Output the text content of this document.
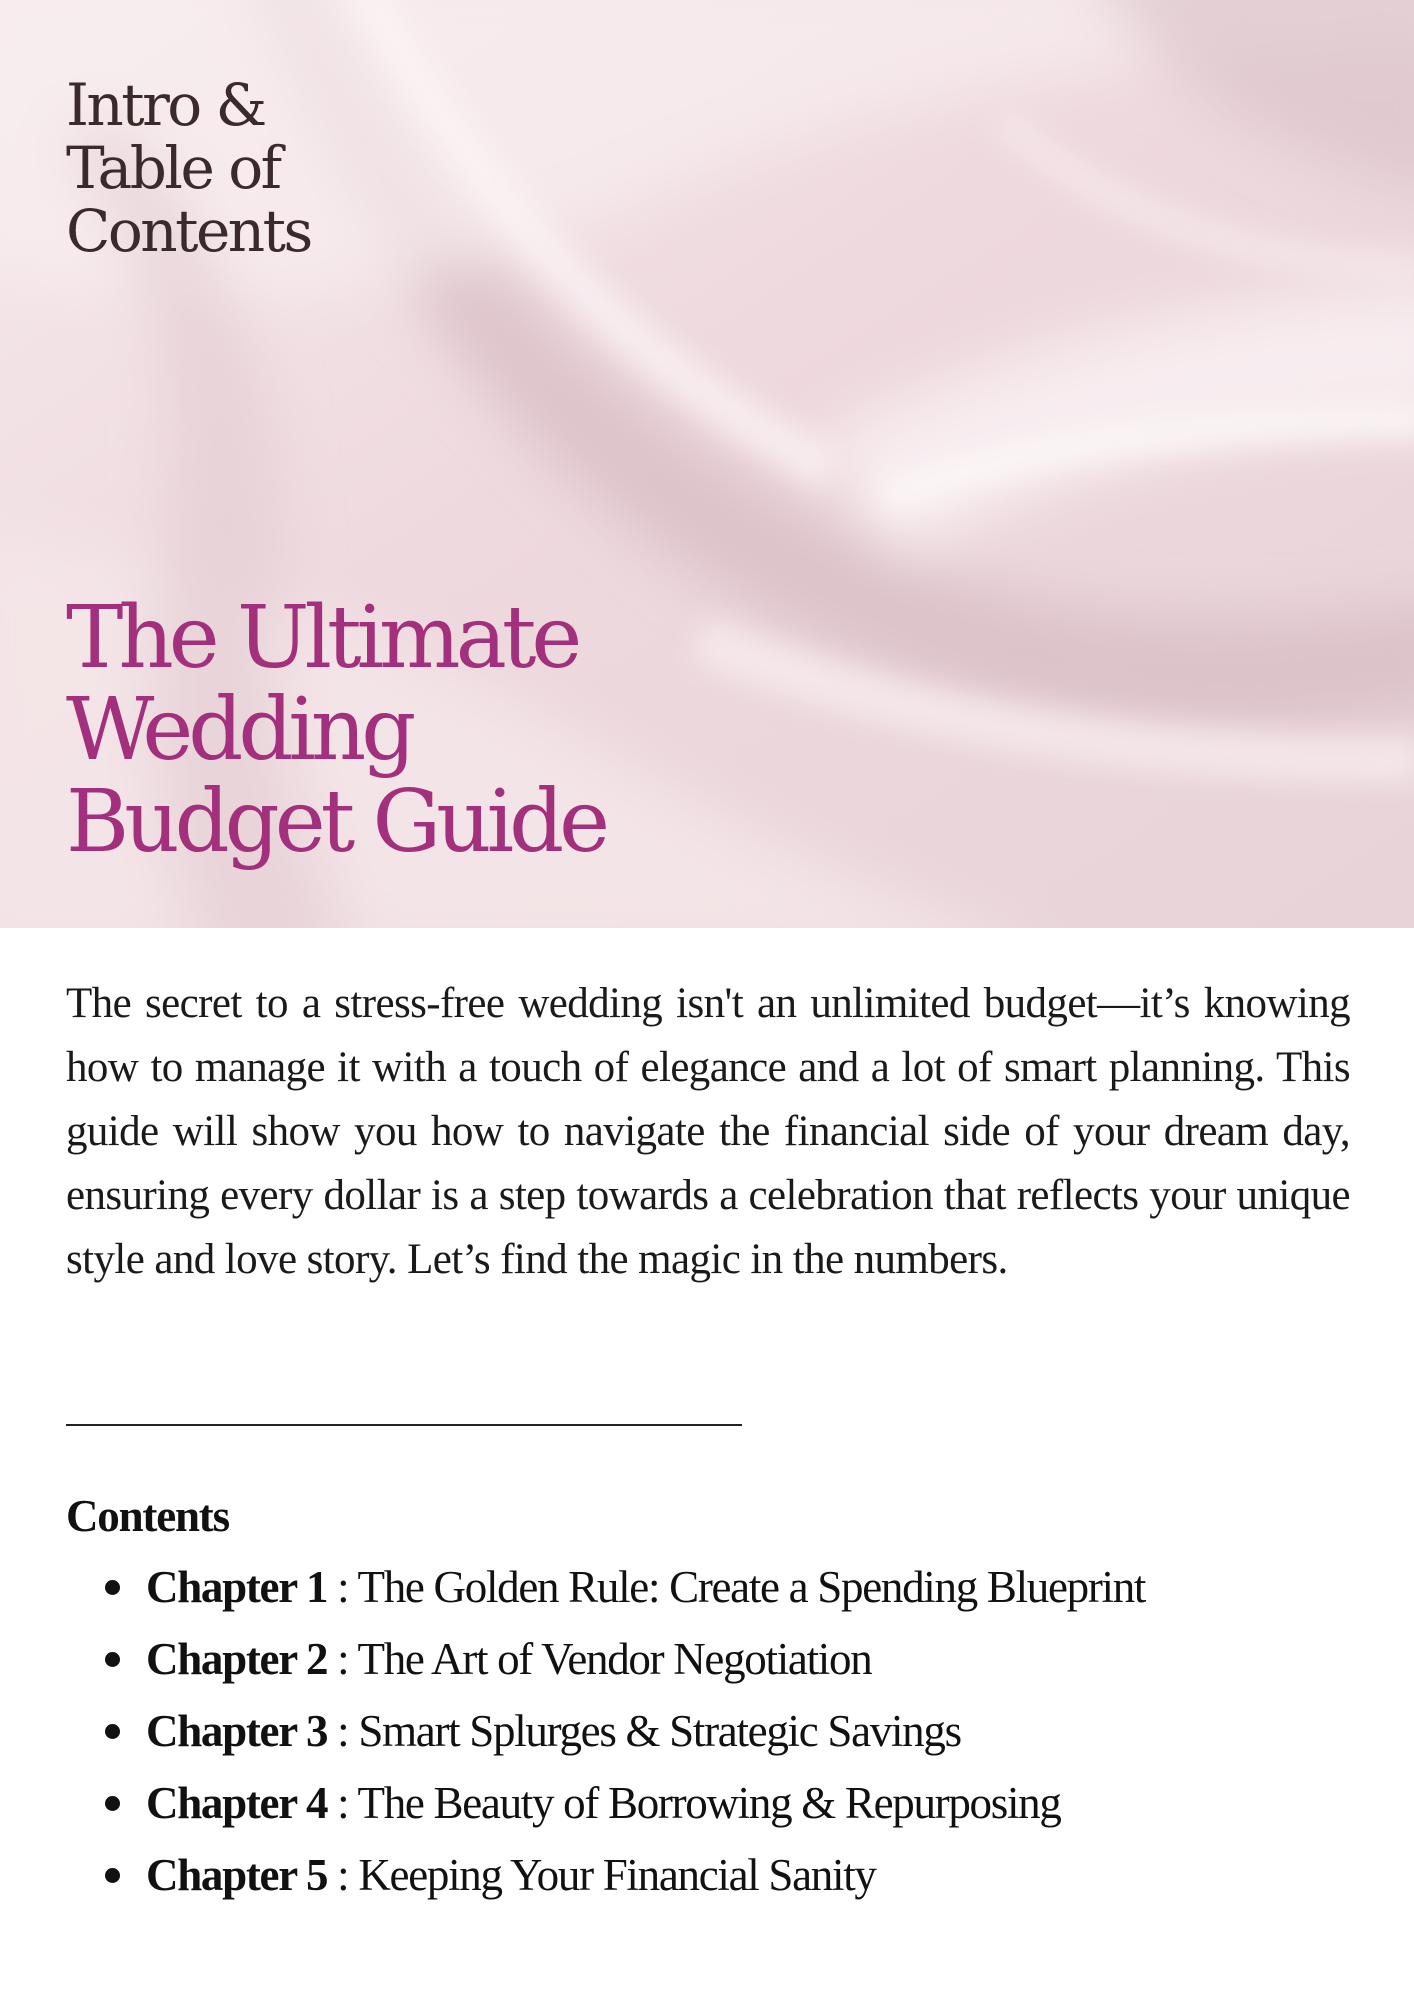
Intro & Table of Contents
The Ultimate Wedding Budget Guide

The secret to a stress-free wedding isn't an unlimited budget—it’s knowing how to manage it with a touch of elegance and a lot of smart planning. This guide will show you how to navigate the financial side of your dream day, ensuring every dollar is a step towards a celebration that reflects your unique style and love story. Let’s find the magic in the numbers.

Contents
Chapter 1 : The Golden Rule: Create a Spending Blueprint
Chapter 2 : The Art of Vendor Negotiation
Chapter 3 : Smart Splurges & Strategic Savings
Chapter 4 : The Beauty of Borrowing & Repurposing
Chapter 5 : Keeping Your Financial Sanity
